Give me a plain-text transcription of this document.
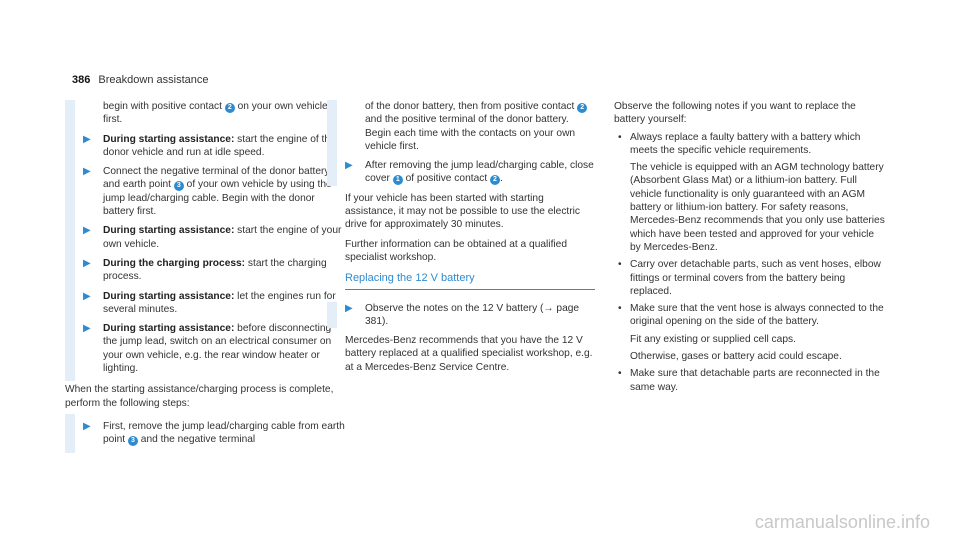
386 Breakdown assistance
begin with positive contact 2 on your own vehicle first.
▶ During starting assistance: start the engine of the donor vehicle and run at idle speed.
▶ Connect the negative terminal of the donor battery and earth point 3 of your own vehicle by using the jump lead/charging cable. Begin with the donor battery first.
▶ During starting assistance: start the engine of your own vehicle.
▶ During the charging process: start the charging process.
▶ During starting assistance: let the engines run for several minutes.
▶ During starting assistance: before disconnecting the jump lead, switch on an electrical consumer on your own vehicle, e.g. the rear window heater or lighting.
When the starting assistance/charging process is complete, perform the following steps:
▶ First, remove the jump lead/charging cable from earth point 3 and the negative terminal
of the donor battery, then from positive contact 2 and the positive terminal of the donor battery. Begin each time with the contacts on your own vehicle first.
▶ After removing the jump lead/charging cable, close cover 1 of positive contact 2 .
If your vehicle has been started with starting assistance, it may not be possible to use the electric drive for approximately 30 minutes.
Further information can be obtained at a qualified specialist workshop.
Replacing the 12 V battery
▶ Observe the notes on the 12 V battery (→ page 381).
Mercedes-Benz recommends that you have the 12 V battery replaced at a qualified specialist workshop, e.g. at a Mercedes-Benz Service Centre.
Observe the following notes if you want to replace the battery yourself:
• Always replace a faulty battery with a battery which meets the specific vehicle requirements.
The vehicle is equipped with an AGM technology battery (Absorbent Glass Mat) or a lithium-ion battery. Full vehicle functionality is only guaranteed with an AGM battery or lithium-ion battery. For safety reasons, Mercedes-Benz recommends that you only use batteries which have been tested and approved for your vehicle by Mercedes-Benz.
• Carry over detachable parts, such as vent hoses, elbow fittings or terminal covers from the battery being replaced.
• Make sure that the vent hose is always connected to the original opening on the side of the battery.
Fit any existing or supplied cell caps.
Otherwise, gases or battery acid could escape.
• Make sure that detachable parts are reconnected in the same way.
carmanualsonline.info
